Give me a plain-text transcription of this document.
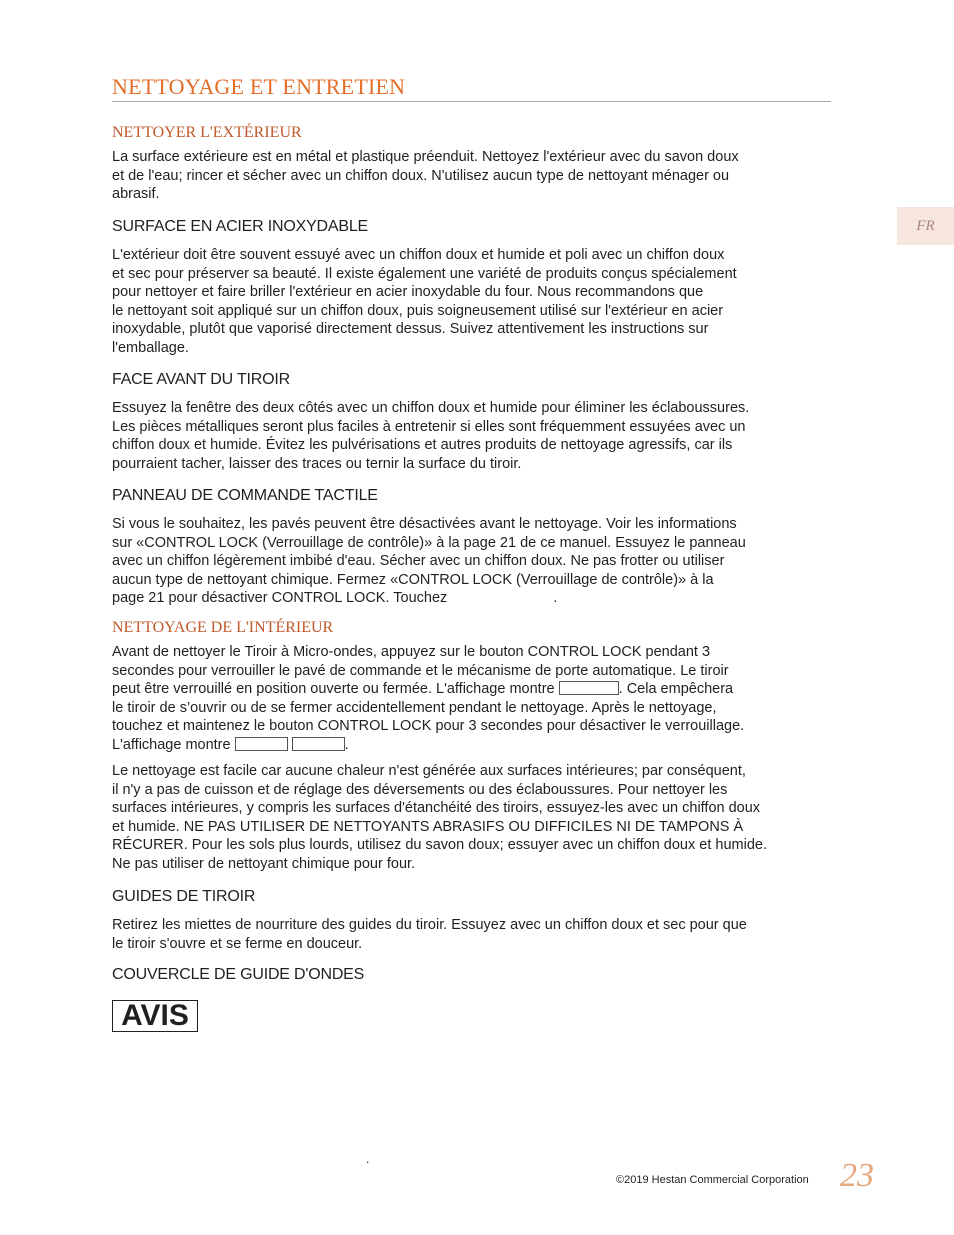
NETTOYAGE ET ENTRETIEN
FR
NETTOYER L'EXTÉRIEUR
La surface extérieure est en métal et plastique préenduit. Nettoyez l'extérieur avec du savon doux
et de l'eau; rincer et sécher avec un chiffon doux. N'utilisez aucun type de nettoyant ménager ou
abrasif.
SURFACE EN ACIER INOXYDABLE
L'extérieur doit être souvent essuyé avec un chiffon doux et humide et poli avec un chiffon doux
et sec pour préserver sa beauté. Il existe également une variété de produits conçus spécialement
pour nettoyer et faire briller l'extérieur en acier inoxydable du four. Nous recommandons que
le nettoyant soit appliqué sur un chiffon doux, puis soigneusement utilisé sur l'extérieur en acier
inoxydable, plutôt que vaporisé directement dessus. Suivez attentivement les instructions sur
l'emballage.
FACE AVANT DU TIROIR
Essuyez la fenêtre des deux côtés avec un chiffon doux et humide pour éliminer les éclaboussures.
Les pièces métalliques seront plus faciles à entretenir si elles sont fréquemment essuyées avec un
chiffon doux et humide. Évitez les pulvérisations et autres produits de nettoyage agressifs, car ils
pourraient tacher, laisser des traces ou ternir la surface du tiroir.
PANNEAU DE COMMANDE TACTILE
Si vous le souhaitez, les pavés peuvent être désactivées avant le nettoyage. Voir les informations
sur «CONTROL LOCK (Verrouillage de contrôle)» à la page 21 de ce manuel. Essuyez le panneau
avec un chiffon légèrement imbibé d'eau. Sécher avec un chiffon doux. Ne pas frotter ou utiliser
aucun type de nettoyant chimique. Fermez «CONTROL LOCK (Verrouillage de contrôle)» à la
page 21 pour désactiver CONTROL LOCK. Touchez	.
NETTOYAGE DE L'INTÉRIEUR
Avant de nettoyer le Tiroir à Micro-ondes, appuyez sur le bouton CONTROL LOCK pendant 3
secondes pour verrouiller le pavé de commande et le mécanisme de porte automatique. Le tiroir
peut être verrouillé en position ouverte ou fermée. L'affichage montre	. Cela empêchera
le tiroir de s’ouvrir ou de se fermer accidentellement pendant le nettoyage. Après le nettoyage,
touchez et maintenez le bouton CONTROL LOCK pour 3 secondes pour désactiver le verrouillage.
L'affichage montre	.
Le nettoyage est facile car aucune chaleur n'est générée aux surfaces intérieures; par conséquent,
il n'y a pas de cuisson et de réglage des déversements ou des éclaboussures. Pour nettoyer les
surfaces intérieures, y compris les surfaces d'étanchéité des tiroirs, essuyez-les avec un chiffon doux
et humide. NE PAS UTILISER DE NETTOYANTS ABRASIFS OU DIFFICILES NI DE TAMPONS À
RÉCURER. Pour les sols plus lourds, utilisez du savon doux; essuyer avec un chiffon doux et humide.
Ne pas utiliser de nettoyant chimique pour four.
GUIDES DE TIROIR
Retirez les miettes de nourriture des guides du tiroir. Essuyez avec un chiffon doux et sec pour que
le tiroir s'ouvre et se ferme en douceur.
COUVERCLE DE GUIDE D'ONDES
AVIS
.
©2019 Hestan Commercial Corporation 23
